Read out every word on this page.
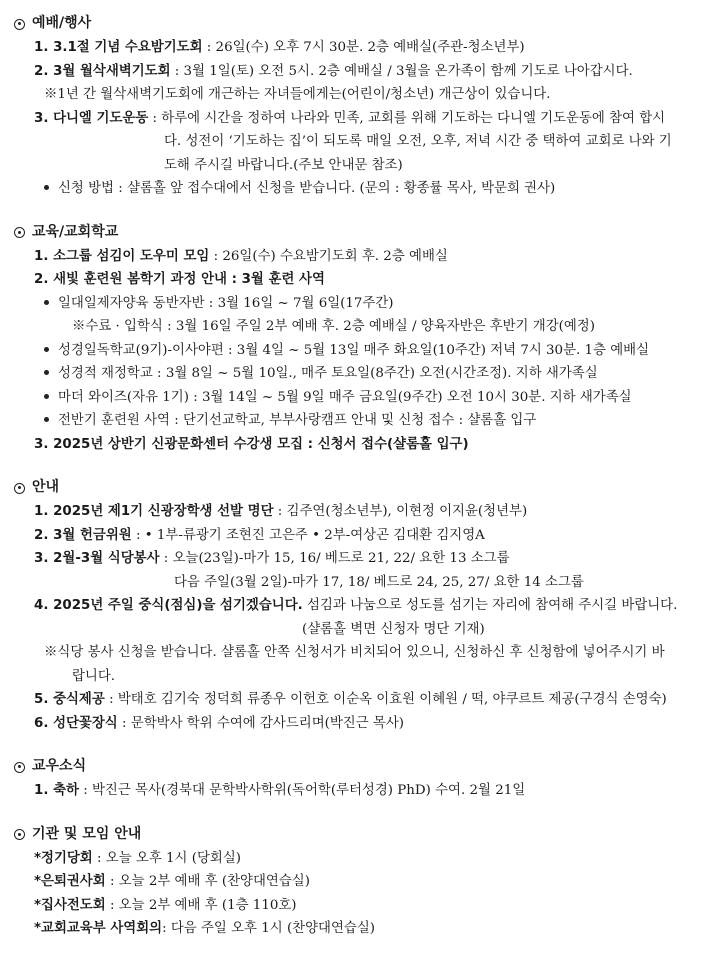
예배/행사
1. 3.1절 기념 수요밤기도회 : 26일(수) 오후 7시 30분. 2층 예배실(주관-청소년부)
2. 3월 월삭새벽기도회 : 3월 1일(토) 오전 5시. 2층 예배실 / 3월을 온가족이 함께 기도로 나아갑시다.
※1년 간 월삭새벽기도회에 개근하는 자녀들에게는(어린이/청소년) 개근상이 있습니다.
3. 다니엘 기도운동 : 하루에 시간을 정하여 나라와 민족, 교회를 위해 기도하는 다니엘 기도운동에 참여 합시
다. 성전이 ‘기도하는 집’이 되도록 매일 오전, 오후, 저녁 시간 중 택하여 교회로 나와 기
도해 주시길 바랍니다.(주보 안내문 참조)
신청 방법 : 샬롬홀 앞 접수대에서 신청을 받습니다. (문의 : 황종률 목사, 박문희 권사)
교육/교회학교
1. 소그룹 섬김이 도우미 모임 : 26일(수) 수요밤기도회 후. 2층 예배실
2. 새빛 훈련원 봄학기 과정 안내 : 3월 훈련 사역
일대일제자양육 동반자반 : 3월 16일 ~ 7월 6일(17주간)
※수료 · 입학식 : 3월 16일 주일 2부 예배 후. 2층 예배실 / 양육자반은 후반기 개강(예정)
성경일독학교(9기)-이사야편 : 3월 4일 ~ 5월 13일 매주 화요일(10주간) 저녁 7시 30분. 1층 예배실
성경적 재정학교 : 3월 8일 ~ 5월 10일., 매주 토요일(8주간) 오전(시간조정). 지하 새가족실
마더 와이즈(자유 1기) : 3월 14일 ~ 5월 9일 매주 금요일(9주간) 오전 10시 30분. 지하 새가족실
전반기 훈련원 사역 : 단기선교학교, 부부사랑캠프 안내 및 신청 접수 : 샬롬홀 입구
3. 2025년 상반기 신광문화센터 수강생 모집 : 신청서 접수(샬롬홀 입구)
안내
1. 2025년 제1기 신광장학생 선발 명단 : 김주연(청소년부), 이현정 이지윤(청년부)
2. 3월 헌금위원 : • 1부-류광기 조현진 고은주 • 2부-여상곤 김대환 김지영A
3. 2월-3월 식당봉사 : 오늘(23일)-마가 15, 16/ 베드로 21, 22/ 요한 13 소그룹
다음 주일(3월 2일)-마가 17, 18/ 베드로 24, 25, 27/ 요한 14 소그룹
4. 2025년 주일 중식(점심)을 섬기겠습니다. 섬김과 나눔으로 성도를 섬기는 자리에 참여해 주시길 바랍니다.
(샬롬홀 벽면 신청자 명단 기재)
※식당 봉사 신청을 받습니다. 샬롬홀 안쪽 신청서가 비치되어 있으니, 신청하신 후 신청함에 넣어주시기 바
랍니다.
5. 중식제공 : 박태호 김기숙 정덕희 류종우 이헌호 이순옥 이효원 이혜원 / 떡, 야쿠르트 제공(구경식 손영숙)
6. 성단꽃장식 : 문학박사 학위 수여에 감사드리며(박진근 목사)
교우소식
1. 축하 : 박진근 목사(경북대 문학박사학위(독어학(루터성경) PhD) 수여. 2월 21일
기관 및 모임 안내
*정기당회 : 오늘 오후 1시 (당회실)
*은퇴권사회 : 오늘 2부 예배 후 (찬양대연습실)
*집사전도회 : 오늘 2부 예배 후 (1층 110호)
*교회교육부 사역회의: 다음 주일 오후 1시 (찬양대연습실)
